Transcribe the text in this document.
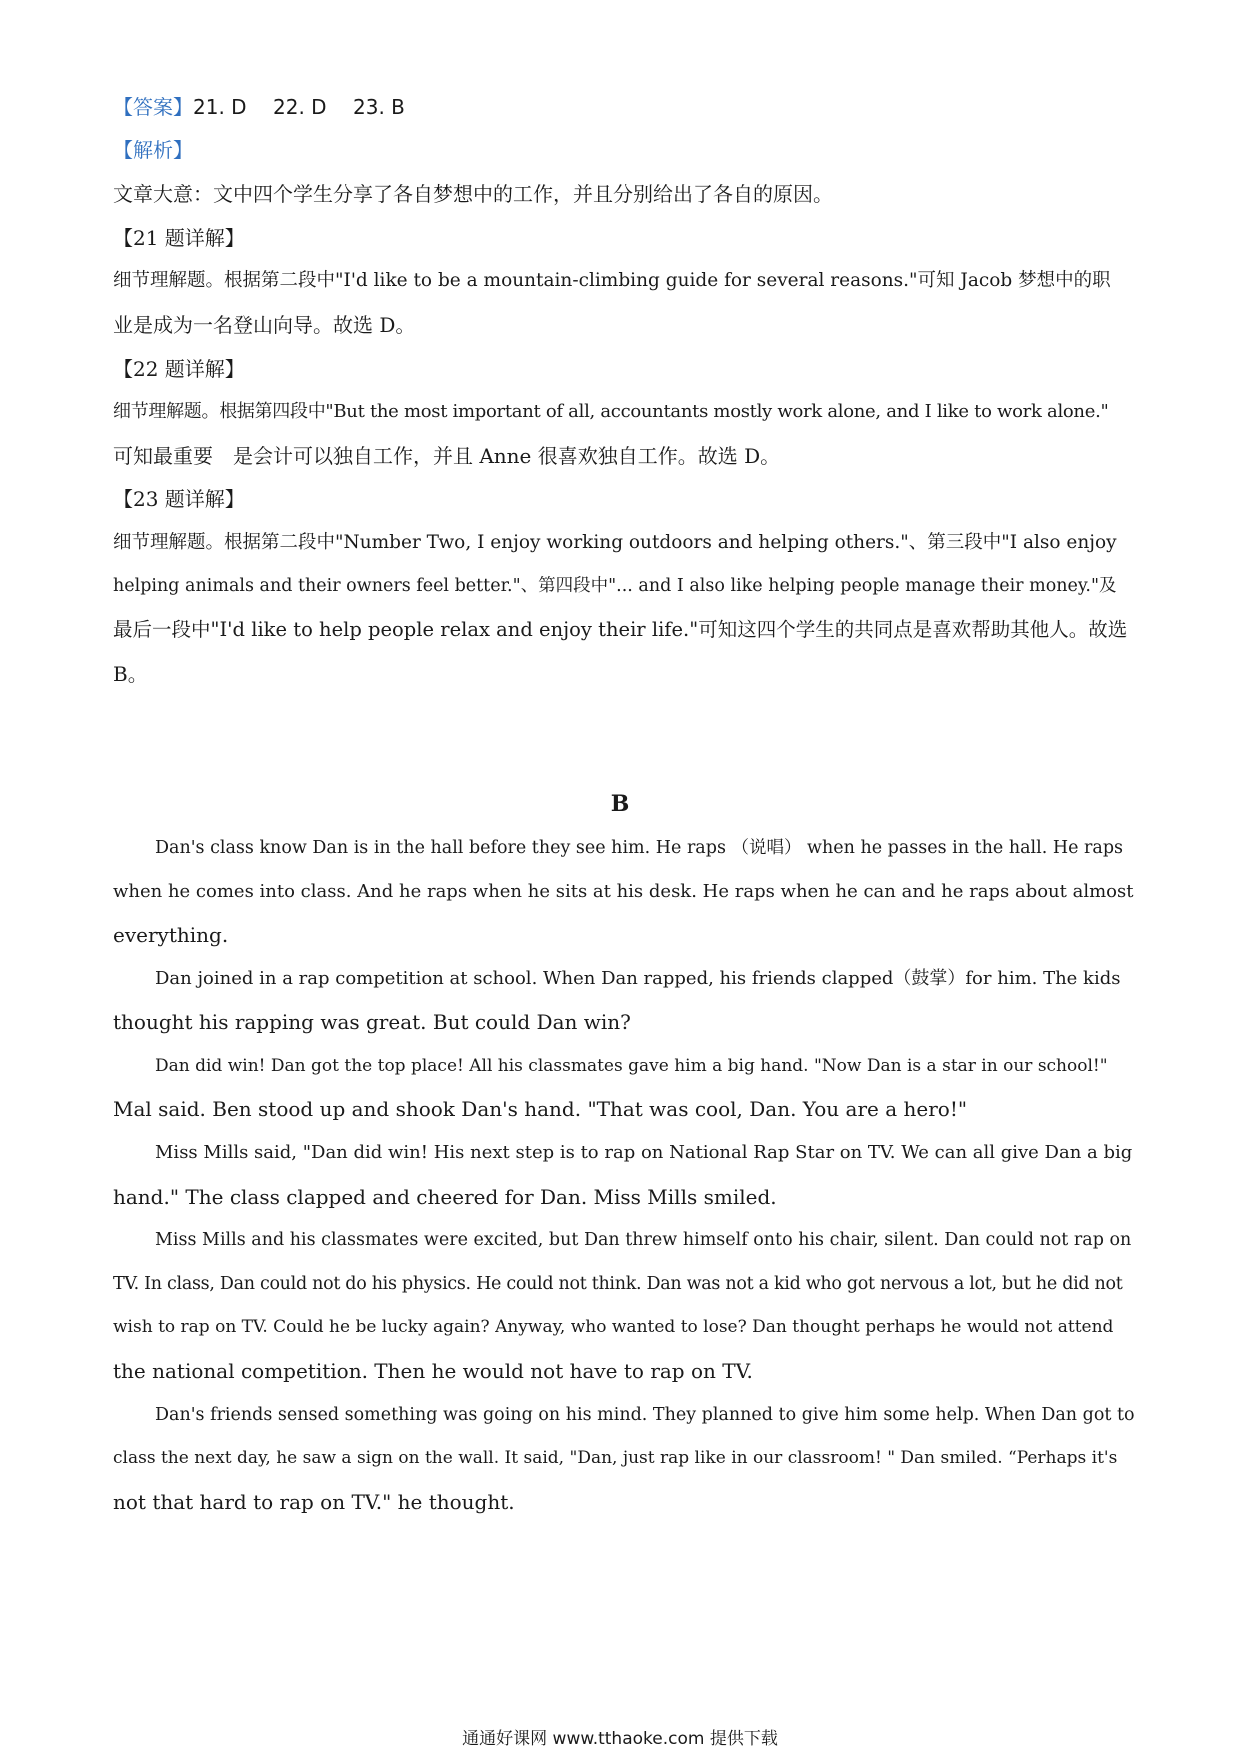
【答案】21. D 22. D 23. B
【解析】
文章大意：文中四个学生分享了各自梦想中的工作，并且分别给出了各自的原因。
【21 题详解】
细节理解题。根据第二段中"I'd like to be a mountain-climbing guide for several reasons."可知 Jacob 梦想中的职
业是成为一名登山向导。故选 D。
【22 题详解】
细节理解题。根据第四段中"But the most important of all, accountants mostly work alone, and I like to work alone."
可知最重要　是会计可以独自工作，并且 Anne 很喜欢独自工作。故选 D。
【23 题详解】
细节理解题。根据第二段中"Number Two, I enjoy working outdoors and helping others."、第三段中"I also enjoy
helping animals and their owners feel better."、第四段中"... and I also like helping people manage their money."及
最后一段中"I'd like to help people relax and enjoy their life."可知这四个学生的共同点是喜欢帮助其他人。故选
B。
B
Dan's class know Dan is in the hall before they see him. He raps （说唱） when he passes in the hall. He raps
when he comes into class. And he raps when he sits at his desk. He raps when he can and he raps about almost
everything.
Dan joined in a rap competition at school. When Dan rapped, his friends clapped（鼓掌）for him. The kids
thought his rapping was great. But could Dan win?
Dan did win! Dan got the top place! All his classmates gave him a big hand. "Now Dan is a star in our school!"
Mal said. Ben stood up and shook Dan's hand. "That was cool, Dan. You are a hero!"
Miss Mills said, "Dan did win! His next step is to rap on National Rap Star on TV. We can all give Dan a big
hand." The class clapped and cheered for Dan. Miss Mills smiled.
Miss Mills and his classmates were excited, but Dan threw himself onto his chair, silent. Dan could not rap on
TV. In class, Dan could not do his physics. He could not think. Dan was not a kid who got nervous a lot, but he did not
wish to rap on TV. Could he be lucky again? Anyway, who wanted to lose? Dan thought perhaps he would not attend
the national competition. Then he would not have to rap on TV.
Dan's friends sensed something was going on his mind. They planned to give him some help. When Dan got to
class the next day, he saw a sign on the wall. It said, "Dan, just rap like in our classroom! " Dan smiled. “Perhaps it's
not that hard to rap on TV." he thought.
通通好课网 www.tthaoke.com 提供下载
